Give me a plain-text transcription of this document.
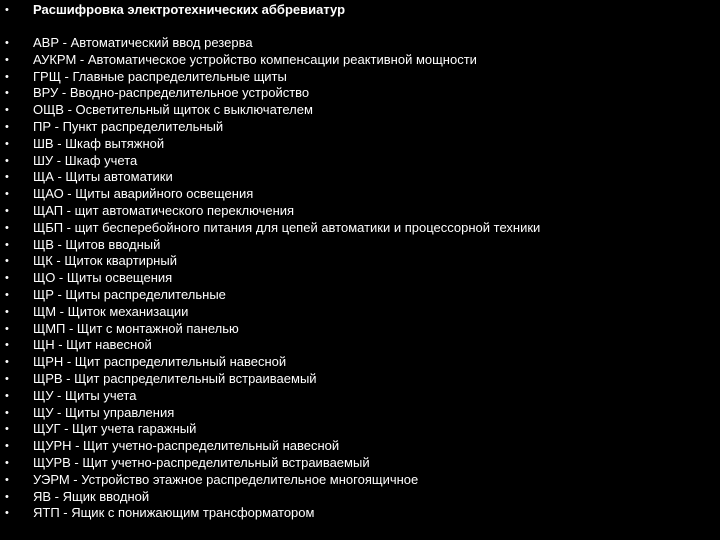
• Расшифровка электротехнических аббревиатур
• АВР - Автоматический ввод резерва
• АУКРМ - Автоматическое устройство компенсации реактивной мощности
• ГРЩ - Главные распределительные щиты
• ВРУ - Вводно-распределительное устройство
• ОЩВ - Осветительный щиток с выключателем
• ПР - Пункт распределительный
• ШВ - Шкаф вытяжной
• ШУ - Шкаф учета
• ЩА - Щиты автоматики
• ЩАО - Щиты аварийного освещения
• ЩАП - щит автоматического переключения
• ЩБП - щит бесперебойного питания для цепей автоматики и процессорной техники
• ЩВ - Щитов вводный
• ЩК - Щиток квартирный
• ЩО - Щиты освещения
• ЩР - Щиты распределительные
• ЩМ - Щиток механизации
• ЩМП - Щит с монтажной панелью
• ЩН - Щит навесной
• ЩРН - Щит распределительный навесной
• ЩРВ - Щит распределительный встраиваемый
• ЩУ - Щиты учета
• ЩУ - Щиты управления
• ЩУГ - Щит учета гаражный
• ЩУРН - Щит учетно-распределительный навесной
• ЩУРВ - Щит учетно-распределительный встраиваемый
• УЭРМ - Устройство этажное распределительное многоящичное
• ЯВ - Ящик вводной
• ЯТП - Ящик с понижающим трансформатором
